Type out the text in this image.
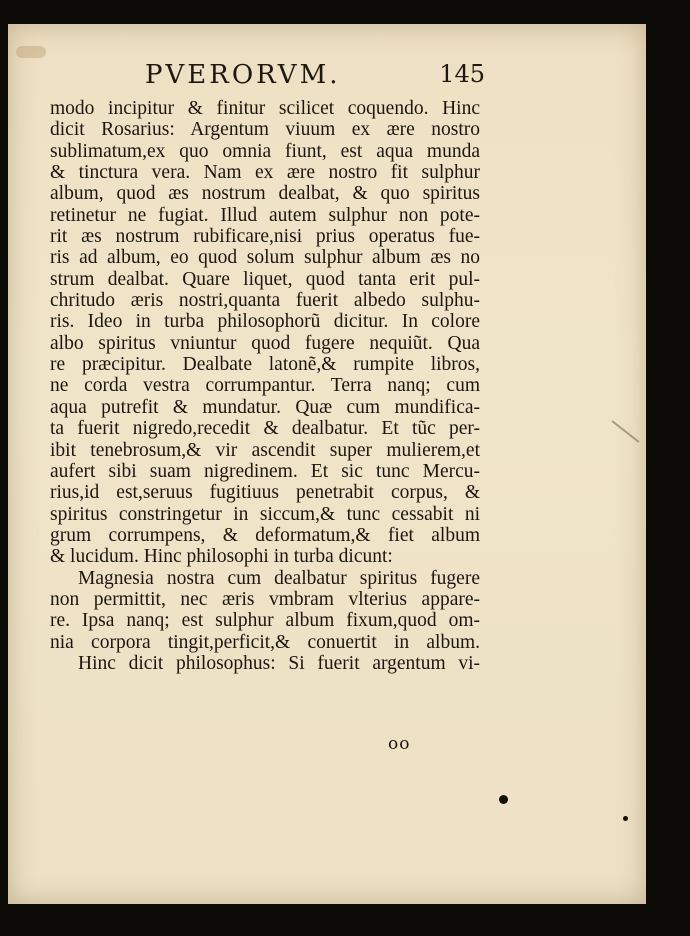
PVERORVM.	145
modo incipitur & finitur scilicet coquendo. Hinc
dicit Rosarius: Argentum viuum ex ære nostro
sublimatum,ex quo omnia fiunt, est aqua munda
& tinctura vera. Nam ex ære nostro fit sulphur
album, quod æs nostrum dealbat, & quo spiritus
retinetur ne fugiat. Illud autem sulphur non pote-
rit æs nostrum rubificare,nisi prius operatus fue-
ris ad album, eo quod solum sulphur album æs no
strum dealbat. Quare liquet, quod tanta erit pul-
chritudo æris nostri,quanta fuerit albedo sulphu-
ris. Ideo in turba philosophorũ dicitur. In colore
albo spiritus vniuntur quod fugere nequiũt. Qua
re præcipitur. Dealbate latonẽ,& rumpite libros,
ne corda vestra corrumpantur. Terra nanq; cum
aqua putrefit & mundatur. Quæ cum mundifica-
ta fuerit nigredo,recedit & dealbatur. Et tũc per-
ibit tenebrosum,& vir ascendit super mulierem,et
aufert sibi suam nigredinem. Et sic tunc Mercu-
rius,id est,seruus fugitiuus penetrabit corpus, &
spiritus constringetur in siccum,& tunc cessabit ni
grum corrumpens, & deformatum,& fiet album
& lucidum. Hinc philosophi in turba dicunt:
Magnesia nostra cum dealbatur spiritus fugere
non permittit, nec æris vmbram vlterius appare-
re. Ipsa nanq; est sulphur album fixum,quod om-
nia corpora tingit,perficit,& conuertit in album.
Hinc dicit philosophus: Si fuerit argentum vi-
oo
